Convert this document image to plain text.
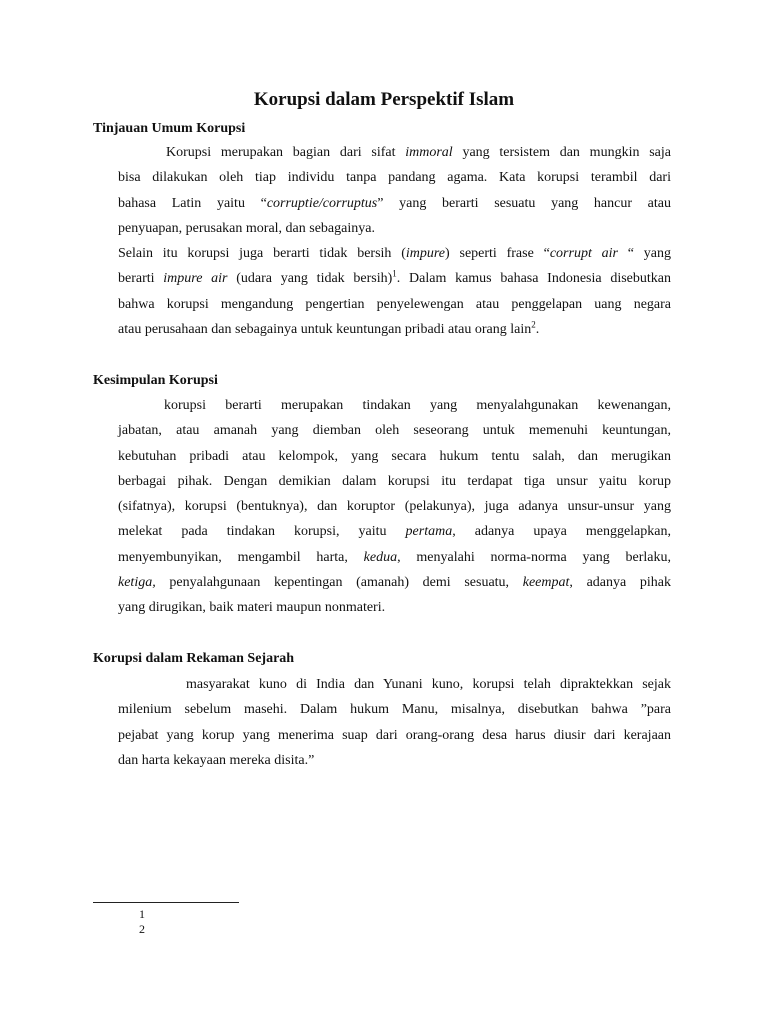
Korupsi dalam Perspektif Islam
Tinjauan Umum Korupsi
Korupsi merupakan bagian dari sifat immoral yang tersistem dan mungkin saja
bisa dilakukan oleh tiap individu tanpa pandang agama. Kata korupsi terambil dari
bahasa Latin yaitu “corruptie/corruptus” yang berarti sesuatu yang hancur atau
penyuapan, perusakan moral, dan sebagainya.
Selain itu korupsi juga berarti tidak bersih (impure) seperti frase “corrupt air “ yang
berarti impure air (udara yang tidak bersih)$^1$. Dalam kamus bahasa Indonesia disebutkan
bahwa korupsi mengandung pengertian penyelewengan atau penggelapan uang negara
atau perusahaan dan sebagainya untuk keuntungan pribadi atau orang lain$^2$.
Kesimpulan Korupsi
korupsi berarti merupakan tindakan yang menyalahgunakan kewenangan,
jabatan, atau amanah yang diemban oleh seseorang untuk memenuhi keuntungan,
kebutuhan pribadi atau kelompok, yang secara hukum tentu salah, dan merugikan
berbagai pihak. Dengan demikian dalam korupsi itu terdapat tiga unsur yaitu korup
(sifatnya), korupsi (bentuknya), dan koruptor (pelakunya), juga adanya unsur-unsur yang
melekat pada tindakan korupsi, yaitu pertama, adanya upaya menggelapkan,
menyembunyikan, mengambil harta, kedua, menyalahi norma-norma yang berlaku,
ketiga, penyalahgunaan kepentingan (amanah) demi sesuatu, keempat, adanya pihak
yang dirugikan, baik materi maupun nonmateri.
Korupsi dalam Rekaman Sejarah
masyarakat kuno di India dan Yunani kuno, korupsi telah dipraktekkan sejak
milenium sebelum masehi. Dalam hukum Manu, misalnya, disebutkan bahwa ”para
pejabat yang korup yang menerima suap dari orang-orang desa harus diusir dari kerajaan
dan harta kekayaan mereka disita.”
1
2
